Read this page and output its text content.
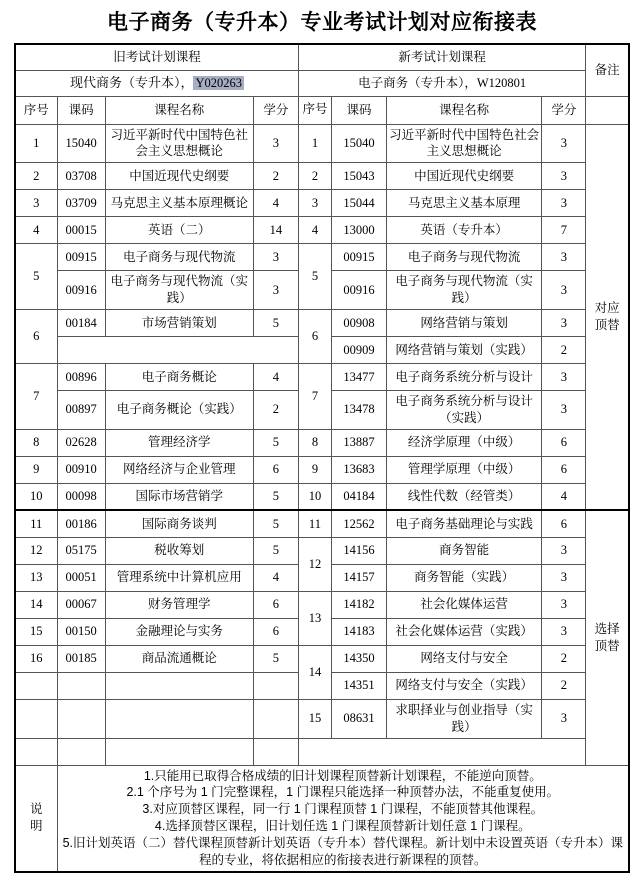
电子商务（专升本）专业考试计划对应衔接表
旧考试计划课程				新考试计划课程				备注
现代商务（专升本）， Y020263				电子商务（专升本），W120801				
序号	课码	课程名称	学分	序号	课码	课程名称	学分	
1	15040	习近平新时代中国特色社会主义思想概论	3	1	15040	习近平新时代中国特色社会主义思想概论	3	对应
顶替

2	03708	中国近现代史纲要	2	2	15043	中国近现代史纲要	3	
3	03709	马克思主义基本原理概论	4	3	15044	马克思主义基本原理	3	
4	00015	英语（二）	14	4	13000	英语（专升本）	7	
5	00915	电子商务与现代物流	3	5	00915	电子商务与现代物流	3	
	00916	电子商务与现代物流（实践）	3		00916	电子商务与现代物流（实践）	3	
6	00184	市场营销策划	5	6	00908	网络营销与策划	3	
					00909	网络营销与策划（实践）	2	
7	00896	电子商务概论	4	7	13477	电子商务系统分析与设计	3	
	00897	电子商务概论（实践）	2		13478	电子商务系统分析与设计（实践）	3	
8	02628	管理经济学	5	8	13887	经济学原理（中级）	6	
9	00910	网络经济与企业管理	6	9	13683	管理学原理（中级）	6	
10	00098	国际市场营销学	5	10	04184	线性代数（经管类）	4	
11	00186	国际商务谈判	5	11	12562	电子商务基础理论与实践	6	选择
顶替

12	05175	税收筹划	5	12	14156	商务智能	3	
13	00051	管理系统中计算机应用	4		14157	商务智能（实践）	3	
14	00067	财务管理学	6	13	14182	社会化媒体运营	3	
15	00150	金融理论与实务	6		14183	社会化媒体运营（实践）	3	
16	00185	商品流通概论	5	14	14350	网络支付与安全	2	
					14351	网络支付与安全（实践）	2	
				15	08631	求职择业与创业指导（实践）	3	

说
明

1.只能用已取得合格成绩的旧计划课程顶替新计划课程，不能逆向顶替。

2.1 个序号为 1 门完整课程，1 门课程只能选择一种顶替办法，不能重复使用。

3.对应顶替区课程，同一行 1 门课程顶替 1 门课程，不能顶替其他课程。

4.选择顶替区课程，旧计划任选 1 门课程顶替新计划任意 1 门课程。

5.旧计划英语（二）替代课程顶替新计划英语（专升本）替代课程。新计划中未设置英语（专升本）课程的专业，将依据相应的衔接表进行新课程的顶替。
